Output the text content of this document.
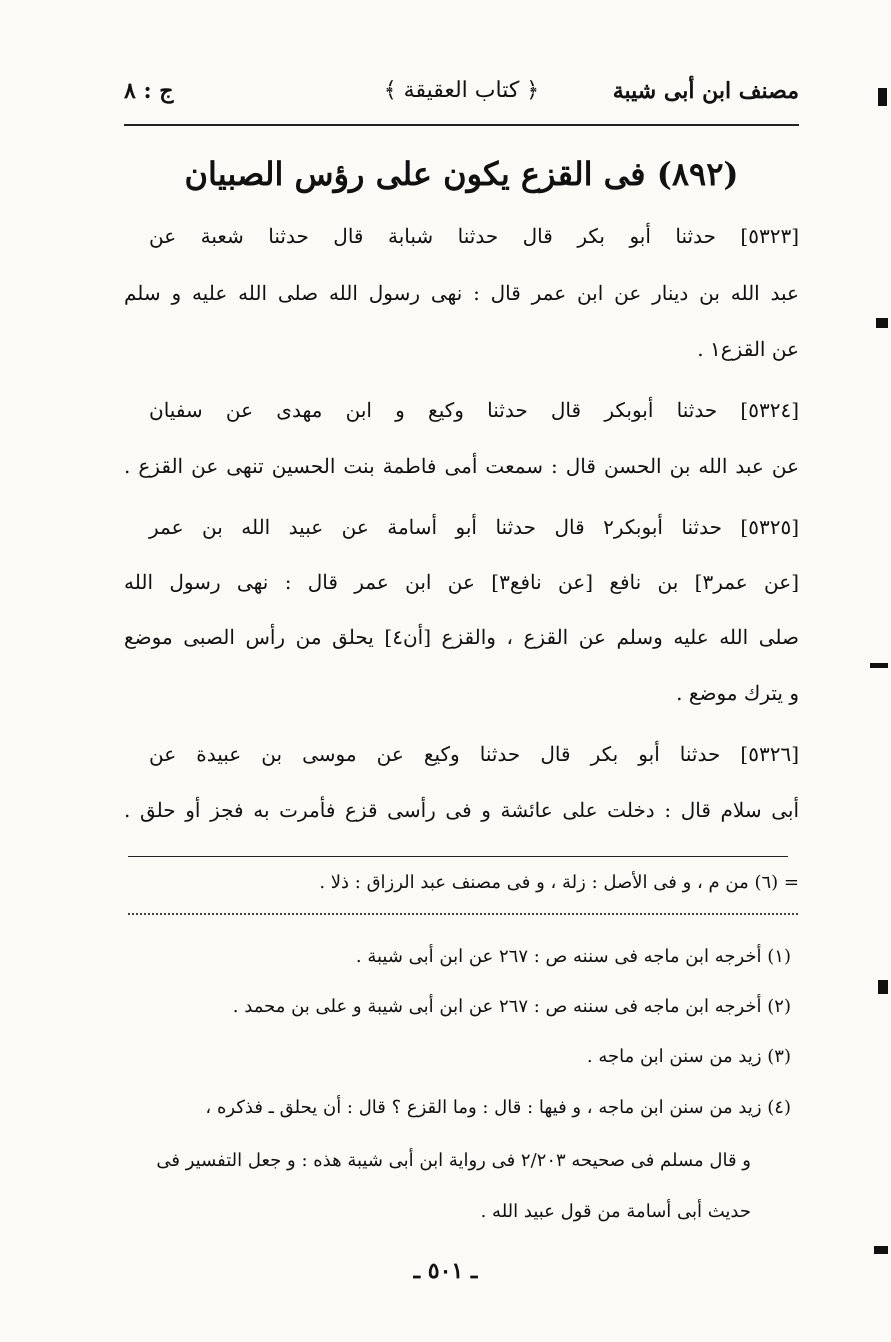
مصنف ابن أبى شيبة
﴿ كتاب العقيقة ﴾
ج : ٨
(٨٩٢) فى القزع يكون على رؤس الصبيان
[٥٣٢٣] حدثنا أبو بكر قال حدثنا شبابة قال حدثنا شعبة عن
عبد الله بن دينار عن ابن عمر قال : نهى رسول الله صلى الله عليه و سلم
عن القزع١ .
[٥٣٢٤] حدثنا أبوبكر قال حدثنا وكيع و ابن مهدى عن سفيان
عن عبد الله بن الحسن قال : سمعت أمى فاطمة بنت الحسين تنهى عن القزع .
[٥٣٢٥] حدثنا أبوبكر٢ قال حدثنا أبو أسامة عن عبيد الله بن عمر
[عن عمر٣] بن نافع [عن نافع٣] عن ابن عمر قال : نهى رسول الله
صلى الله عليه وسلم عن القزع ، والقزع [أن٤] يحلق من رأس الصبى موضع
و يترك موضع .
[٥٣٢٦] حدثنا أبو بكر قال حدثنا وكيع عن موسى بن عبيدة عن
أبى سلام قال : دخلت على عائشة و فى رأسى قزع فأمرت به فجز أو حلق .
= (٦) من م ، و فى الأصل : زلة ، و فى مصنف عبد الرزاق : ذلا .
(١) أخرجه ابن ماجه فى سننه ص : ٢٦٧ عن ابن أبى شيبة .
(٢) أخرجه ابن ماجه فى سننه ص : ٢٦٧ عن ابن أبى شيبة و على بن محمد .
(٣) زيد من سنن ابن ماجه .
(٤) زيد من سنن ابن ماجه ، و فيها : قال : وما القزع ؟ قال : أن يحلق ـ فذكره ،
و قال مسلم فى صحيحه ٢/٢٠٣ فى رواية ابن أبى شيبة هذه : و جعل التفسير فى
حديث أبى أسامة من قول عبيد الله .
ـ ٥٠١ ـ
